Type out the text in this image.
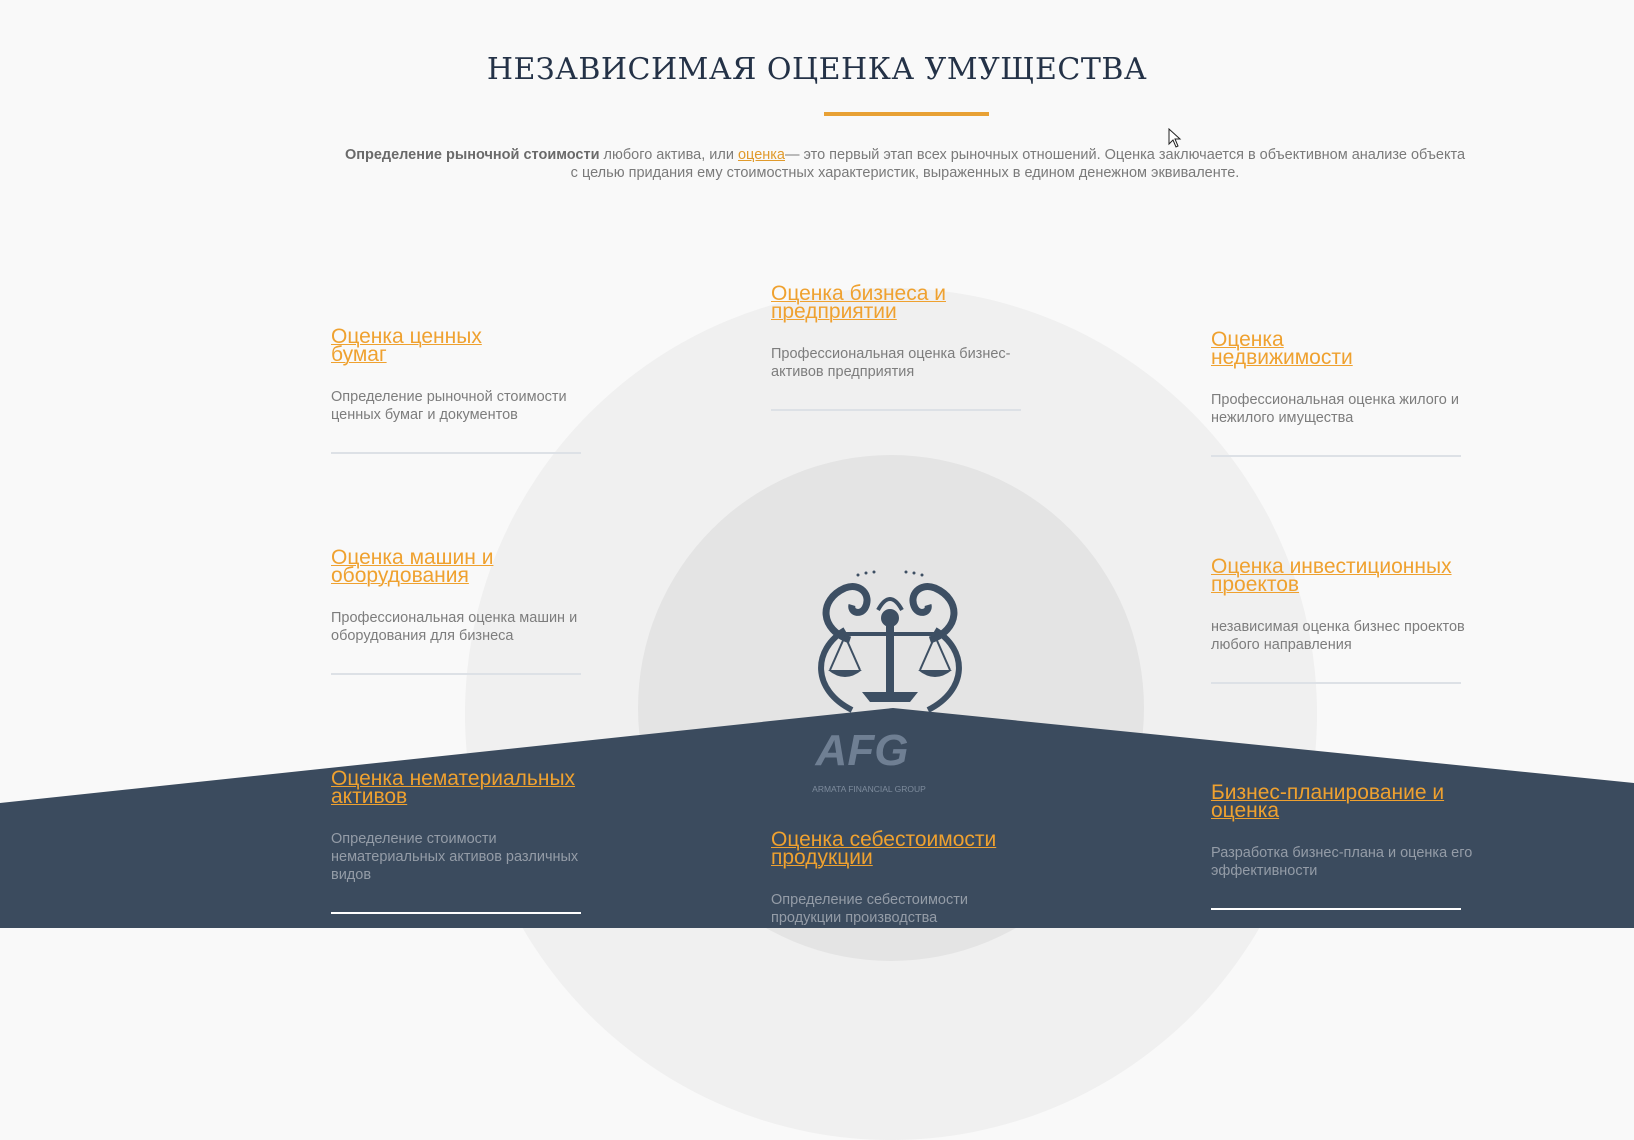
НЕЗАВИСИМАЯ ОЦЕНКА УМУЩЕСТВА

Определение рыночной стоимости любого актива, или оценка— это первый этап всех рыночных отношений. Оценка заключается в объективном анализе объекта с целью придания ему стоимостных характеристик, выраженных в едином денежном эквиваленте.

Оценка ценных бумаг

Определение рыночной стоимости ценных бумаг и документов

Оценка бизнеса и предприятии

Профессиональная оценка бизнес-активов предприятия

Оценка недвижимости

Профессиональная оценка жилого и нежилого имущества

Оценка машин и оборудования

Профессиональная оценка машин и оборудования для бизнеса

Оценка инвестиционных проектов

независимая оценка бизнес проектов любого направления

Оценка нематериальных активов

Определение стоимости нематериальных активов различных видов

Оценка себестоимости продукции

Определение себестоимости продукции производства

Бизнес-планирование и оценка

Разработка бизнес-плана и оценка его эффективности

AFG
ARMATA FINANCIAL GROUP
